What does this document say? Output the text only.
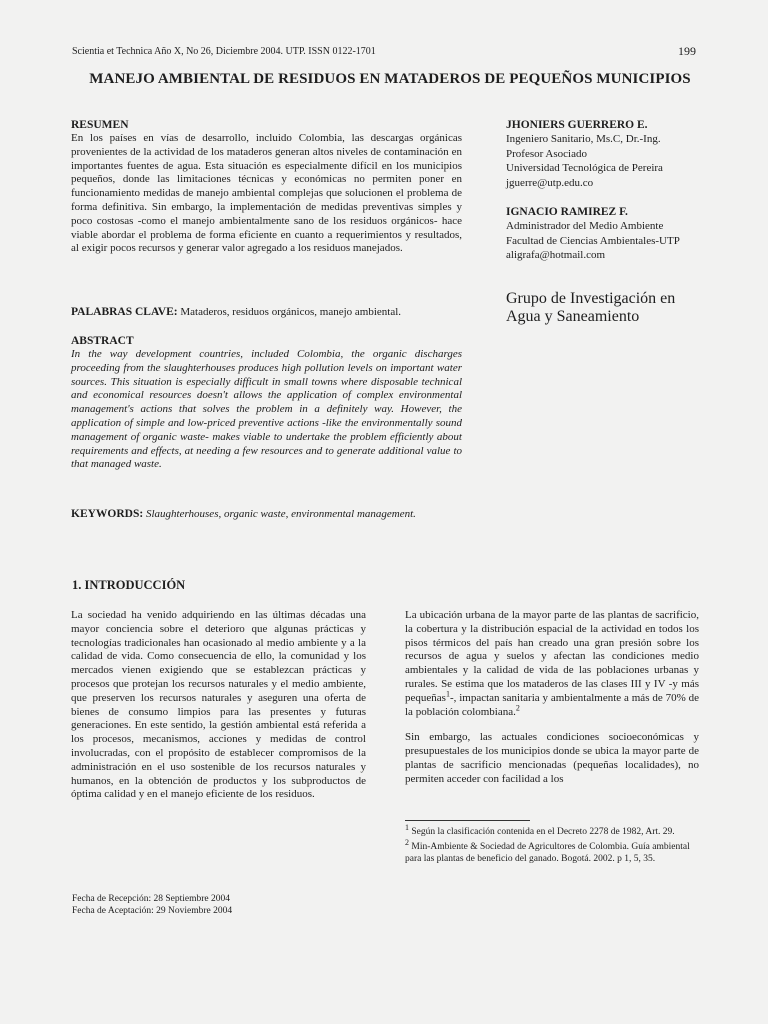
Scientia et Technica Año X, No 26, Diciembre 2004. UTP. ISSN 0122-1701	199
MANEJO AMBIENTAL DE RESIDUOS EN MATADEROS DE PEQUEÑOS MUNICIPIOS
RESUMEN

En los países en vías de desarrollo, incluido Colombia, las descargas orgánicas provenientes de la actividad de los mataderos generan altos niveles de contaminación en importantes fuentes de agua. Esta situación es especialmente difícil en los municipios pequeños, donde las limitaciones técnicas y económicas no permiten poner en funcionamiento medidas de manejo ambiental complejas que solucionen el problema de forma definitiva. Sin embargo, la implementación de medidas preventivas simples y poco costosas -como el manejo ambientalmente sano de los residuos orgánicos- hace viable abordar el problema de forma eficiente en cuanto a requerimientos y resultados, al exigir pocos recursos y generar valor agregado a los residuos manejados.

PALABRAS CLAVE: Mataderos, residuos orgánicos, manejo ambiental.

ABSTRACT

In the way development countries, included Colombia, the organic discharges proceeding from the slaughterhouses produces high pollution levels on important water sources. This situation is especially difficult in small towns where disposable technical and economical resources doesn't allows the application of complex environmental management's actions that solves the problem in a definitely way. However, the application of simple and low-priced preventive actions -like the environmentally sound management of organic waste- makes viable to undertake the problem efficiently about requirements and effects, at needing a few resources and to generate additional value to that managed waste.

KEYWORDS: Slaughterhouses, organic waste, environmental management.

JHONIERS GUERRERO E.
Ingeniero Sanitario, Ms.C, Dr.-Ing.
Profesor Asociado
Universidad Tecnológica de Pereira
jguerre@utp.edu.co
IGNACIO RAMIREZ F.
Administrador del Medio Ambiente
Facultad de Ciencias Ambientales-UTP
aligrafa@hotmail.com
Grupo de Investigación en Agua y Saneamiento
1. INTRODUCCIÓN

La sociedad ha venido adquiriendo en las últimas décadas una mayor conciencia sobre el deterioro que algunas prácticas y tecnologías tradicionales han ocasionado al medio ambiente y a la calidad de vida. Como consecuencia de ello, la comunidad y los mercados vienen exigiendo que se establezcan prácticas y procesos que protejan los recursos naturales y el medio ambiente, que preserven los recursos naturales y aseguren una oferta de bienes de consumo limpios para las presentes y futuras generaciones. En este sentido, la gestión ambiental está referida a los procesos, mecanismos, acciones y medidas de control involucradas, con el propósito de establecer compromisos de la administración en el uso sostenible de los recursos naturales y humanos, en la obtención de productos y los subproductos de óptima calidad y en el manejo eficiente de los residuos.

La ubicación urbana de la mayor parte de las plantas de sacrificio, la cobertura y la distribución espacial de la actividad en todos los pisos térmicos del país han creado una gran presión sobre los recursos de agua y suelos y afectan las condiciones medio ambientales y la calidad de vida de las poblaciones urbanas y rurales. Se estima que los mataderos de las clases III y IV -y más pequeñas$^1$-, impactan sanitaria y ambientalmente a más de 70% de la población colombiana.$^2$

Sin embargo, las actuales condiciones socioeconómicas y presupuestales de los municipios donde se ubica la mayor parte de plantas de sacrificio mencionadas (pequeñas localidades), no permiten acceder con facilidad a los

$^1$ Según la clasificación contenida en el Decreto 2278 de 1982, Art. 29.
$^2$ Min-Ambiente & Sociedad de Agricultores de Colombia. Guía ambiental para las plantas de beneficio del ganado. Bogotá. 2002. p 1, 5, 35.
Fecha de Recepción: 28 Septiembre 2004
Fecha de Aceptación: 29 Noviembre 2004
